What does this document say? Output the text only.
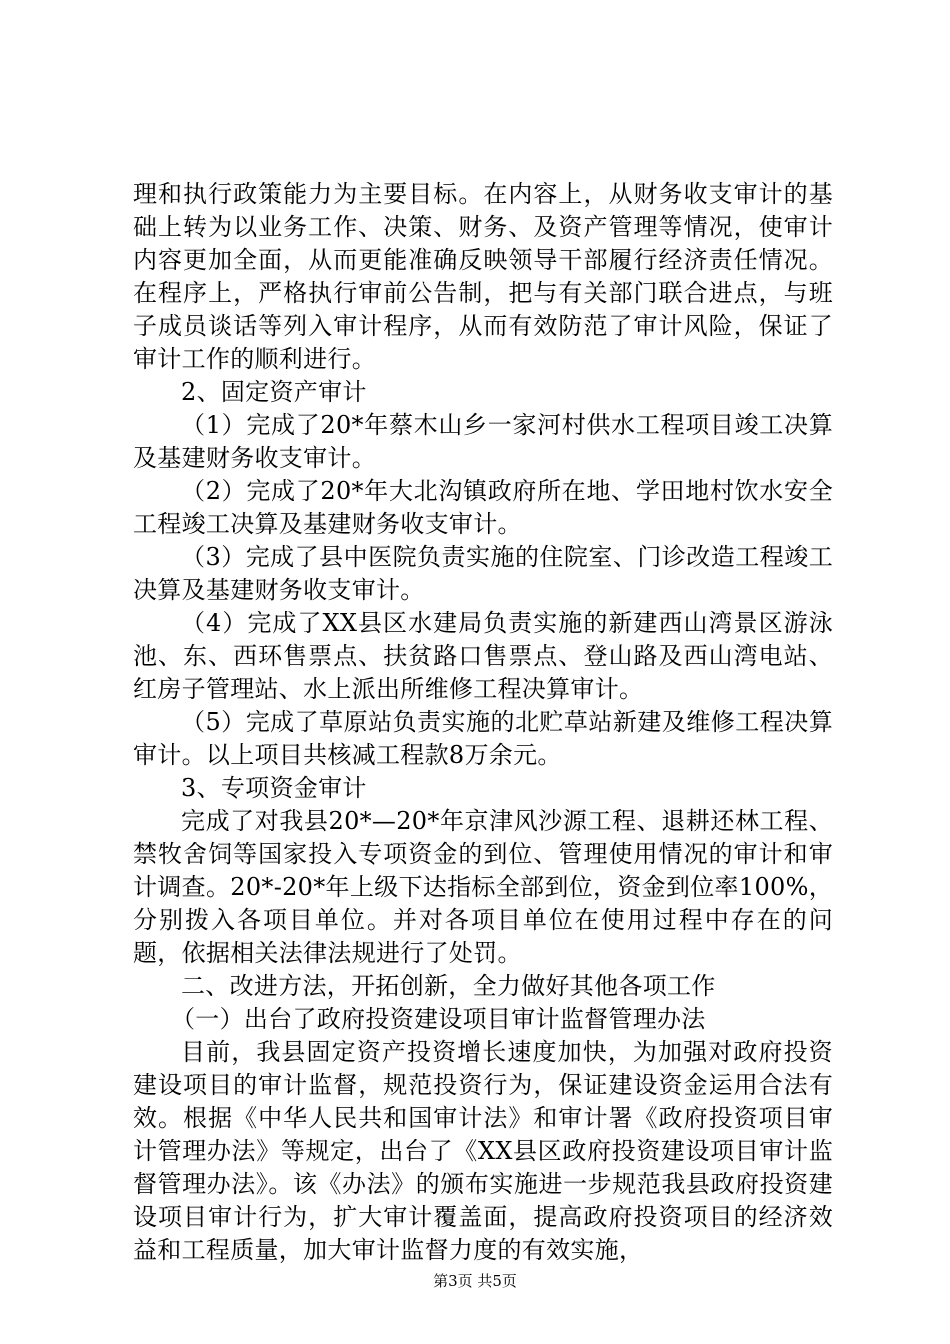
理和执行政策能力为主要目标。在内容上，从财务收支审计的基础上转为以业务工作、决策、财务、及资产管理等情况，使审计内容更加全面，从而更能准确反映领导干部履行经济责任情况。在程序上，严格执行审前公告制，把与有关部门联合进点，与班子成员谈话等列入审计程序，从而有效防范了审计风险，保证了审计工作的顺利进行。

2、固定资产审计

（1）完成了20*年蔡木山乡一家河村供水工程项目竣工决算及基建财务收支审计。

（2）完成了20*年大北沟镇政府所在地、学田地村饮水安全工程竣工决算及基建财务收支审计。

（3）完成了县中医院负责实施的住院室、门诊改造工程竣工决算及基建财务收支审计。

（4）完成了XX县区水建局负责实施的新建西山湾景区游泳池、东、西环售票点、扶贫路口售票点、登山路及西山湾电站、红房子管理站、水上派出所维修工程决算审计。

（5）完成了草原站负责实施的北贮草站新建及维修工程决算审计。以上项目共核减工程款8万余元。

3、专项资金审计

完成了对我县20*—20*年京津风沙源工程、退耕还林工程、禁牧舍饲等国家投入专项资金的到位、管理使用情况的审计和审计调查。20*-20*年上级下达指标全部到位，资金到位率100%，分别拨入各项目单位。并对各项目单位在使用过程中存在的问题，依据相关法律法规进行了处罚。

二、改进方法，开拓创新，全力做好其他各项工作

（一）出台了政府投资建设项目审计监督管理办法

目前，我县固定资产投资增长速度加快，为加强对政府投资建设项目的审计监督，规范投资行为，保证建设资金运用合法有效。根据《中华人民共和国审计法》和审计署《政府投资项目审计管理办法》等规定，出台了《XX县区政府投资建设项目审计监督管理办法》。该《办法》的颁布实施进一步规范我县政府投资建设项目审计行为，扩大审计覆盖面，提高政府投资项目的经济效益和工程质量，加大审计监督力度的有效实施，

第3页 共5页
